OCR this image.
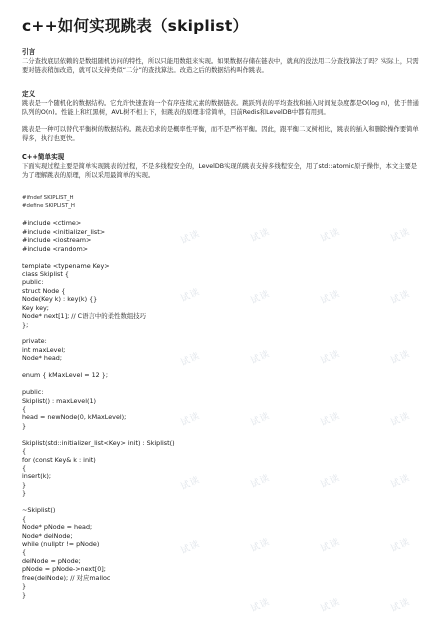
c++如何实现跳表（skiplist）
引言
二分查找底层依赖的是数组随机访问的特性，所以只能用数组来实现。如果数据存储在链表中，就真的没法用二分查找算法了吗？实际上，只需要对链表稍加改造，就可以支持类似“二分”的查找算法。改造之后的数据结构叫作跳表。
定义
跳表是一个随机化的数据结构。它允许快速查询一个有序连续元素的数据链表。跳跃列表的平均查找和插入时间复杂度都是O(log n)，优于普通队列的O(n)。性能上和红黑树，AVL树不相上下，但跳表的原理非常简单，目前Redis和LevelDB中都有用到。
跳表是一种可以替代平衡树的数据结构。跳表追求的是概率性平衡，而不是严格平衡。因此，跟平衡二叉树相比，跳表的插入和删除操作要简单得多，执行也更快。
C++简单实现
下面实现过程主要是简单实现跳表的过程，不是多线程安全的，LevelDB实现的跳表支持多线程安全，用了std::atomic原子操作，本文主要是为了理解跳表的原理，所以采用最简单的实现。
#ifndef SKIPLIST_H
#define SKIPLIST_H
#include <ctime>
#include <initializer_list>
#include <iostream>
#include <random>
template <typename Key>
class Skiplist {
public:
struct Node {
Node(Key k) : key(k) {}
Key key;
Node* next[1]; // C语言中的柔性数组技巧
};
private:
int maxLevel;
Node* head;
enum { kMaxLevel = 12 };
public:
Skiplist() : maxLevel(1)
{
head = newNode(0, kMaxLevel);
}
Skiplist(std::initializer_list<Key> init) : Skiplist()
{
for (const Key& k : init)
{
insert(k);
}
}
~Skiplist()
{
Node* pNode = head;
Node* delNode;
while (nullptr != pNode)
{
delNode = pNode;
pNode = pNode->next[0];
free(delNode); // 对应malloc
}
}
试读	试读	试读	试读
试读	试读	试读	试读
试读	试读	试读	试读
试读	试读	试读	试读
试读	试读	试读	试读
试读	试读	试读	试读
试读	试读	试读
